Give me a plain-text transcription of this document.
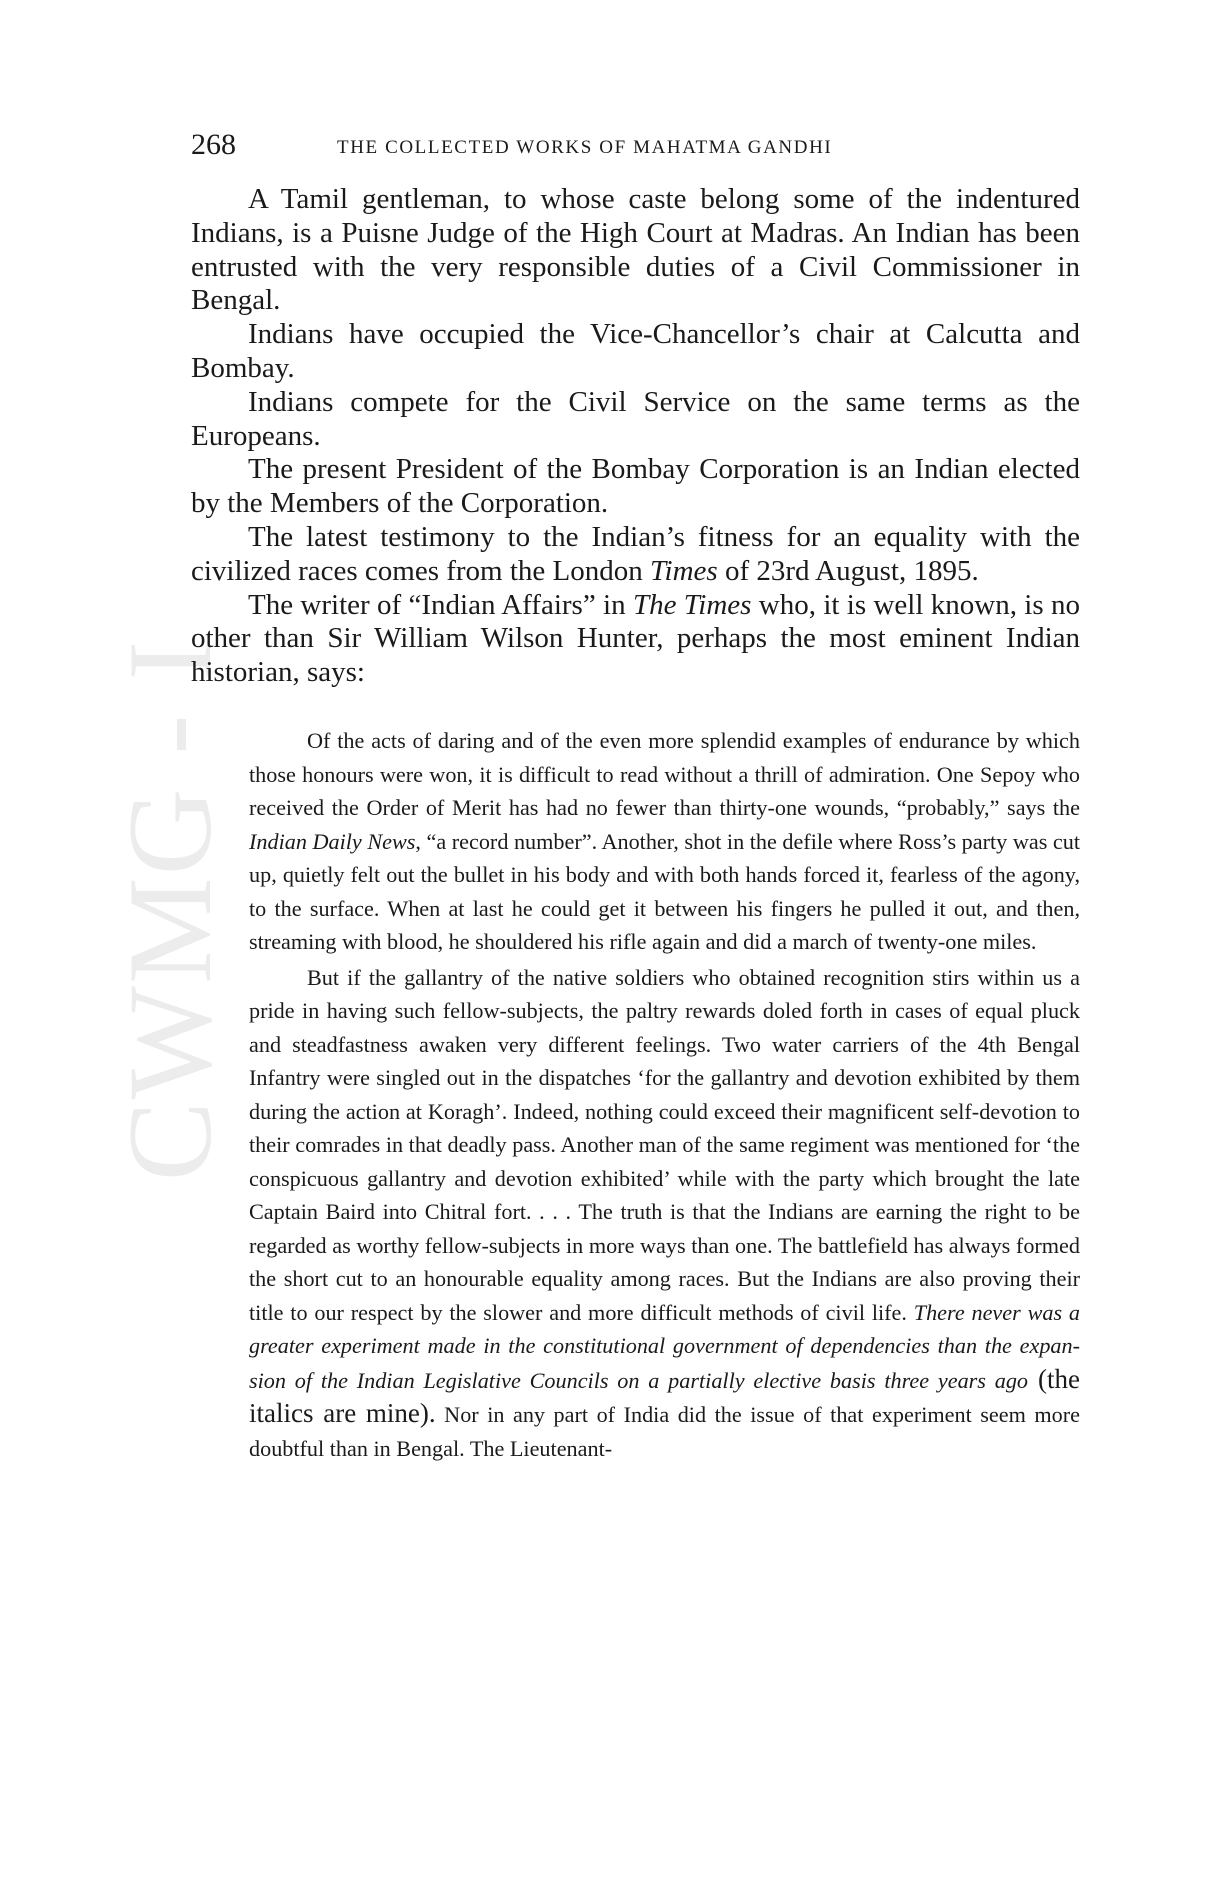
CWMG - I
268	THE COLLECTED WORKS OF MAHATMA GANDHI

A Tamil gentleman, to whose caste belong some of the indentured Indians, is a Puisne Judge of the High Court at Madras. An Indian has been entrusted with the very responsible duties of a Civil Commissioner in Bengal.

Indians have occupied the Vice-Chancellor’s chair at Calcutta and Bombay.

Indians compete for the Civil Service on the same terms as the Europeans.

The present President of the Bombay Corporation is an Indian elected by the Members of the Corporation.

The latest testimony to the Indian’s fitness for an equality with the civilized races comes from the London Times of 23rd August, 1895.

The writer of “Indian Affairs” in The Times who, it is well known, is no other than Sir William Wilson Hunter, perhaps the most eminent Indian historian, says:

Of the acts of daring and of the even more splendid examples of endurance by which those honours were won, it is difficult to read without a thrill of admiration. One Sepoy who received the Order of Merit has had no fewer than thirty-one wounds, “probably,” says the Indian Daily News, “a record number”. Another, shot in the defile where Ross’s party was cut up, quietly felt out the bullet in his body and with both hands forced it, fearless of the agony, to the surface. When at last he could get it between his fingers he pulled it out, and then, streaming with blood, he shouldered his rifle again and did a march of twenty-one miles.

But if the gallantry of the native soldiers who obtained recognition stirs within us a pride in having such fellow-subjects, the paltry rewards doled forth in cases of equal pluck and steadfastness awaken very different feelings. Two water carriers of the 4th Bengal Infantry were singled out in the dispatches ‘for the gallantry and devotion exhibited by them during the action at Koragh’. Indeed, nothing could exceed their magnificent self-devotion to their comrades in that deadly pass. Another man of the same regiment was mentioned for ‘the conspicuous gallantry and devotion exhibited’ while with the party which brought the late Captain Baird into Chitral fort. . . . The truth is that the Indians are earning the right to be regarded as worthy fellow-subjects in more ways than one. The battlefield has always formed the short cut to an honourable equality among races. But the Indians are also proving their title to our respect by the slower and more difficult methods of civil life. There never was a greater experiment made in the constitutional government of dependencies than the expansion of the Indian Legislative Councils on a partially elective basis three years ago (the italics are mine). Nor in any part of India did the issue of that experiment seem more doubtful than in Bengal. The Lieutenant-
